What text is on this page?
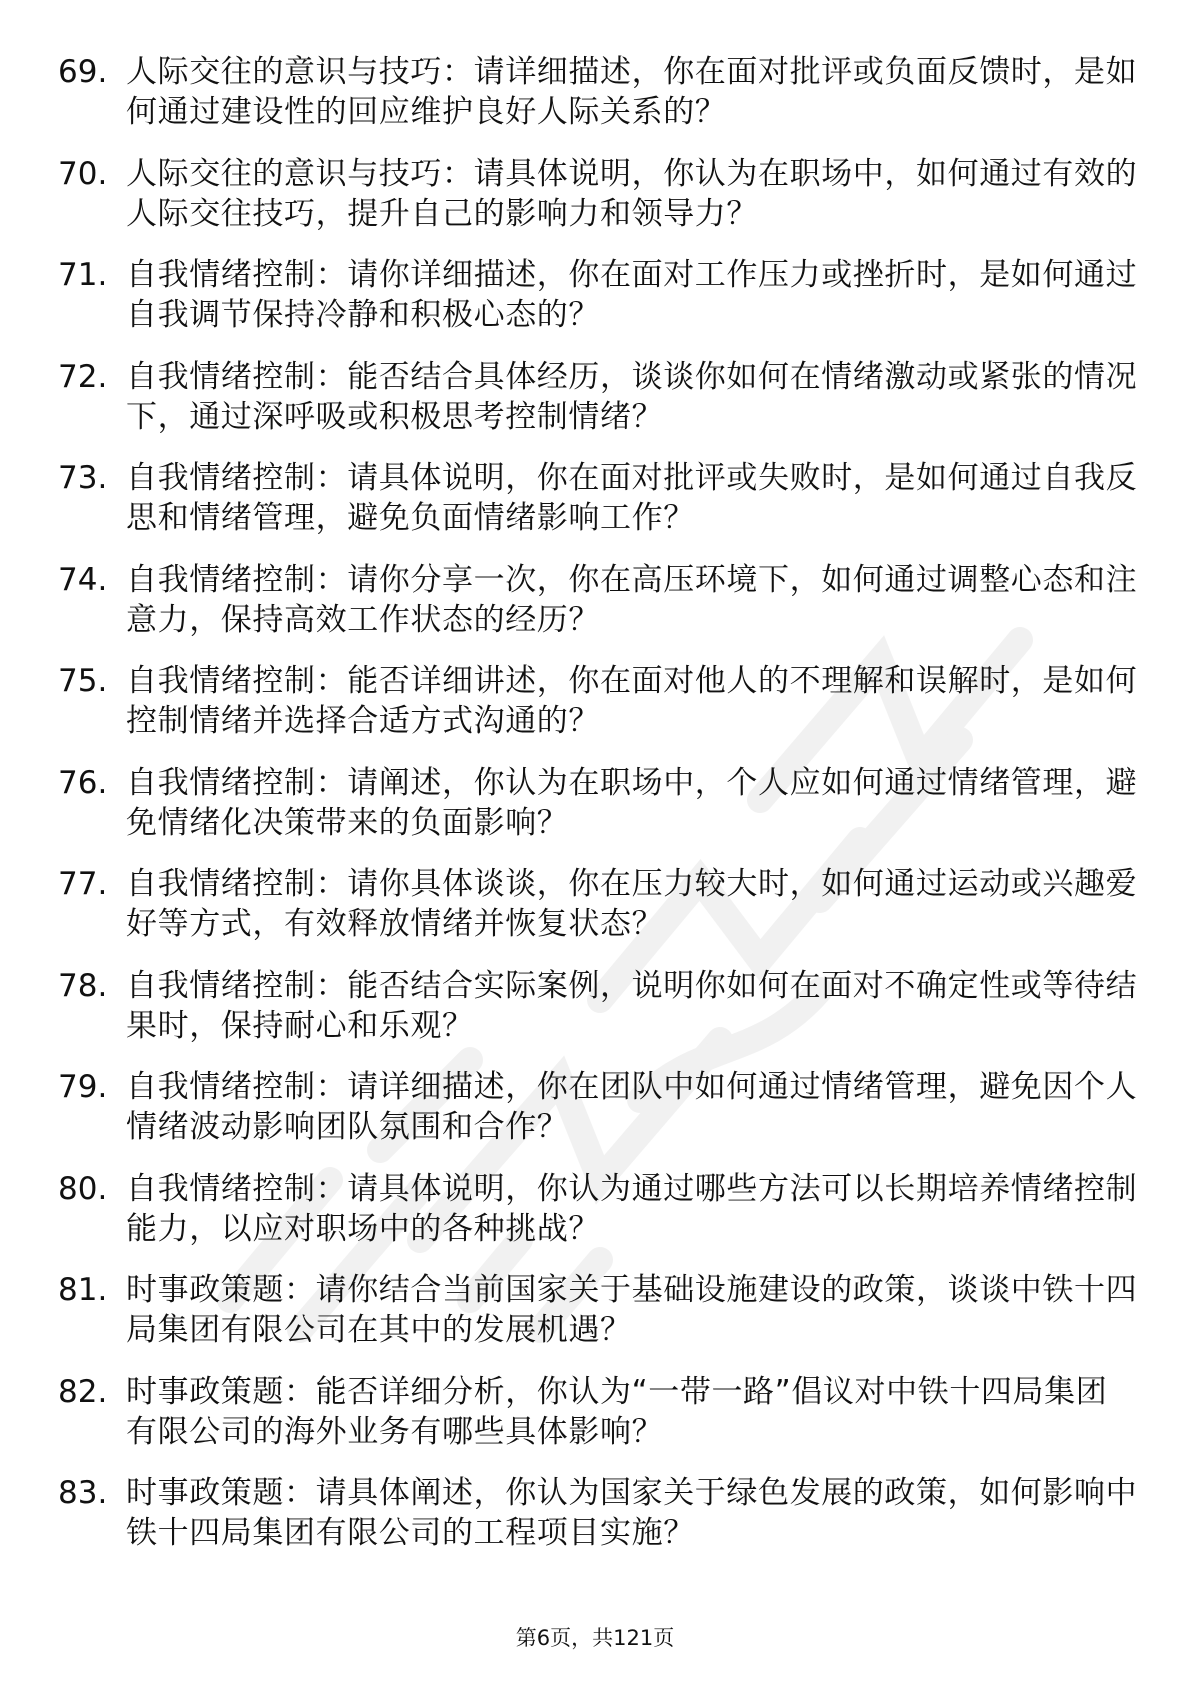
69. 人际交往的意识与技巧：请详细描述，你在面对批评或负面反馈时，是如何通过建设性的回应维护良好人际关系的？
70. 人际交往的意识与技巧：请具体说明，你认为在职场中，如何通过有效的人际交往技巧，提升自己的影响力和领导力？
71. 自我情绪控制：请你详细描述，你在面对工作压力或挫折时，是如何通过自我调节保持冷静和积极心态的？
72. 自我情绪控制：能否结合具体经历，谈谈你如何在情绪激动或紧张的情况下，通过深呼吸或积极思考控制情绪？
73. 自我情绪控制：请具体说明，你在面对批评或失败时，是如何通过自我反思和情绪管理，避免负面情绪影响工作？
74. 自我情绪控制：请你分享一次，你在高压环境下，如何通过调整心态和注意力，保持高效工作状态的经历？
75. 自我情绪控制：能否详细讲述，你在面对他人的不理解和误解时，是如何控制情绪并选择合适方式沟通的？
76. 自我情绪控制：请阐述，你认为在职场中，个人应如何通过情绪管理，避免情绪化决策带来的负面影响？
77. 自我情绪控制：请你具体谈谈，你在压力较大时，如何通过运动或兴趣爱好等方式，有效释放情绪并恢复状态？
78. 自我情绪控制：能否结合实际案例，说明你如何在面对不确定性或等待结果时，保持耐心和乐观？
79. 自我情绪控制：请详细描述，你在团队中如何通过情绪管理，避免因个人情绪波动影响团队氛围和合作？
80. 自我情绪控制：请具体说明，你认为通过哪些方法可以长期培养情绪控制能力，以应对职场中的各种挑战？
81. 时事政策题：请你结合当前国家关于基础设施建设的政策，谈谈中铁十四局集团有限公司在其中的发展机遇？
82. 时事政策题：能否详细分析，你认为“一带一路”倡议对中铁十四局集团有限公司的海外业务有哪些具体影响？
83. 时事政策题：请具体阐述，你认为国家关于绿色发展的政策，如何影响中铁十四局集团有限公司的工程项目实施？
第6页，共121页
